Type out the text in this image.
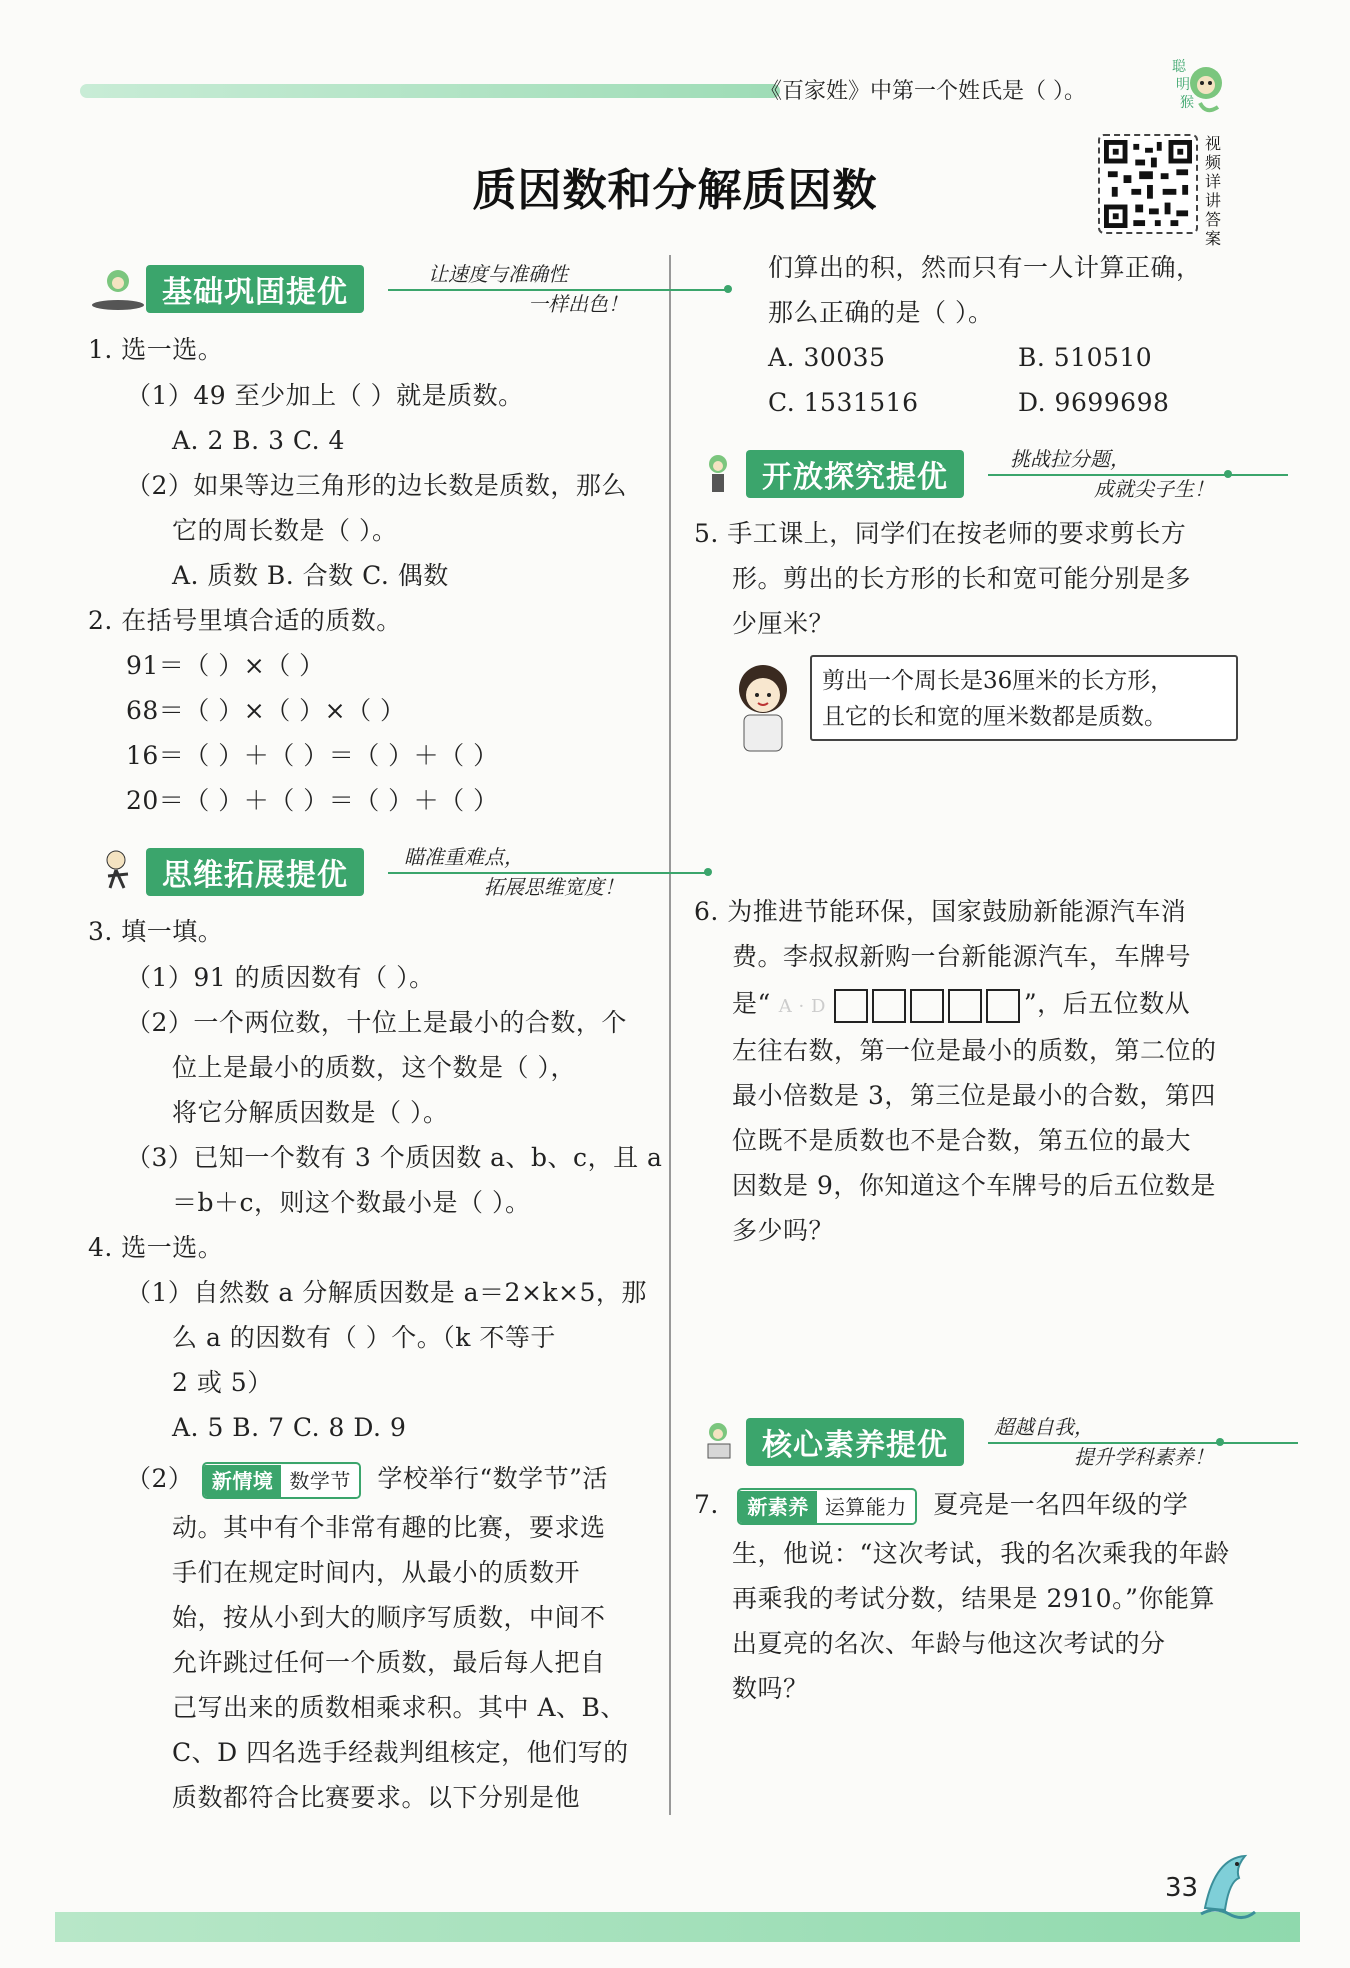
《百家姓》中第一个姓氏是（ ）。
聪
明
猴
质因数和分解质因数
视频详讲答案
基础巩固提优
让速度与准确性
一样出色！
1. 选一选。
（1）49 至少加上（ ）就是质数。
A. 2 B. 3 C. 4
（2）如果等边三角形的边长数是质数，那么
它的周长数是（ ）。
A. 质数 B. 合数 C. 偶数
2. 在括号里填合适的质数。
91＝（ ）×（ ）
68＝（ ）×（ ）×（ ）
16＝（ ）＋（ ）＝（ ）＋（ ）
20＝（ ）＋（ ）＝（ ）＋（ ）
思维拓展提优
瞄准重难点，
拓展思维宽度！
3. 填一填。
（1）91 的质因数有（ ）。
（2）一个两位数，十位上是最小的合数，个
位上是最小的质数，这个数是（ ），
将它分解质因数是（ ）。
（3）已知一个数有 3 个质因数 a、b、c，且 a
＝b＋c，则这个数最小是（ ）。
4. 选一选。
（1）自然数 a 分解质因数是 a＝2×k×5，那
么 a 的因数有（ ）个。（k 不等于
2 或 5）
A. 5 B. 7 C. 8 D. 9
（2） 新情境 数学节 学校举行“数学节”活
动。其中有个非常有趣的比赛，要求选
手们在规定时间内，从最小的质数开
始，按从小到大的顺序写质数，中间不
允许跳过任何一个质数，最后每人把自
己写出来的质数相乘求积。其中 A、B、
C、D 四名选手经裁判组核定，他们写的
质数都符合比赛要求。以下分别是他
们算出的积，然而只有一人计算正确，
那么正确的是（ ）。
A. 30035	B. 510510
C. 1531516	D. 9699698
开放探究提优
挑战拉分题，
成就尖子生！
5. 手工课上，同学们在按老师的要求剪长方
形。剪出的长方形的长和宽可能分别是多
少厘米？
剪出一个周长是36厘米的长方形，
且它的长和宽的厘米数都是质数。
6. 为推进节能环保，国家鼓励新能源汽车消
费。李叔叔新购一台新能源汽车，车牌号
是“ A · D	”，后五位数从
左往右数，第一位是最小的质数，第二位的
最小倍数是 3，第三位是最小的合数，第四
位既不是质数也不是合数，第五位的最大
因数是 9，你知道这个车牌号的后五位数是
多少吗？
核心素养提优
超越自我，
提升学科素养！
7. 新素养 运算能力 夏亮是一名四年级的学
生，他说：“这次考试，我的名次乘我的年龄
再乘我的考试分数，结果是 2910。”你能算
出夏亮的名次、年龄与他这次考试的分
数吗？
33
